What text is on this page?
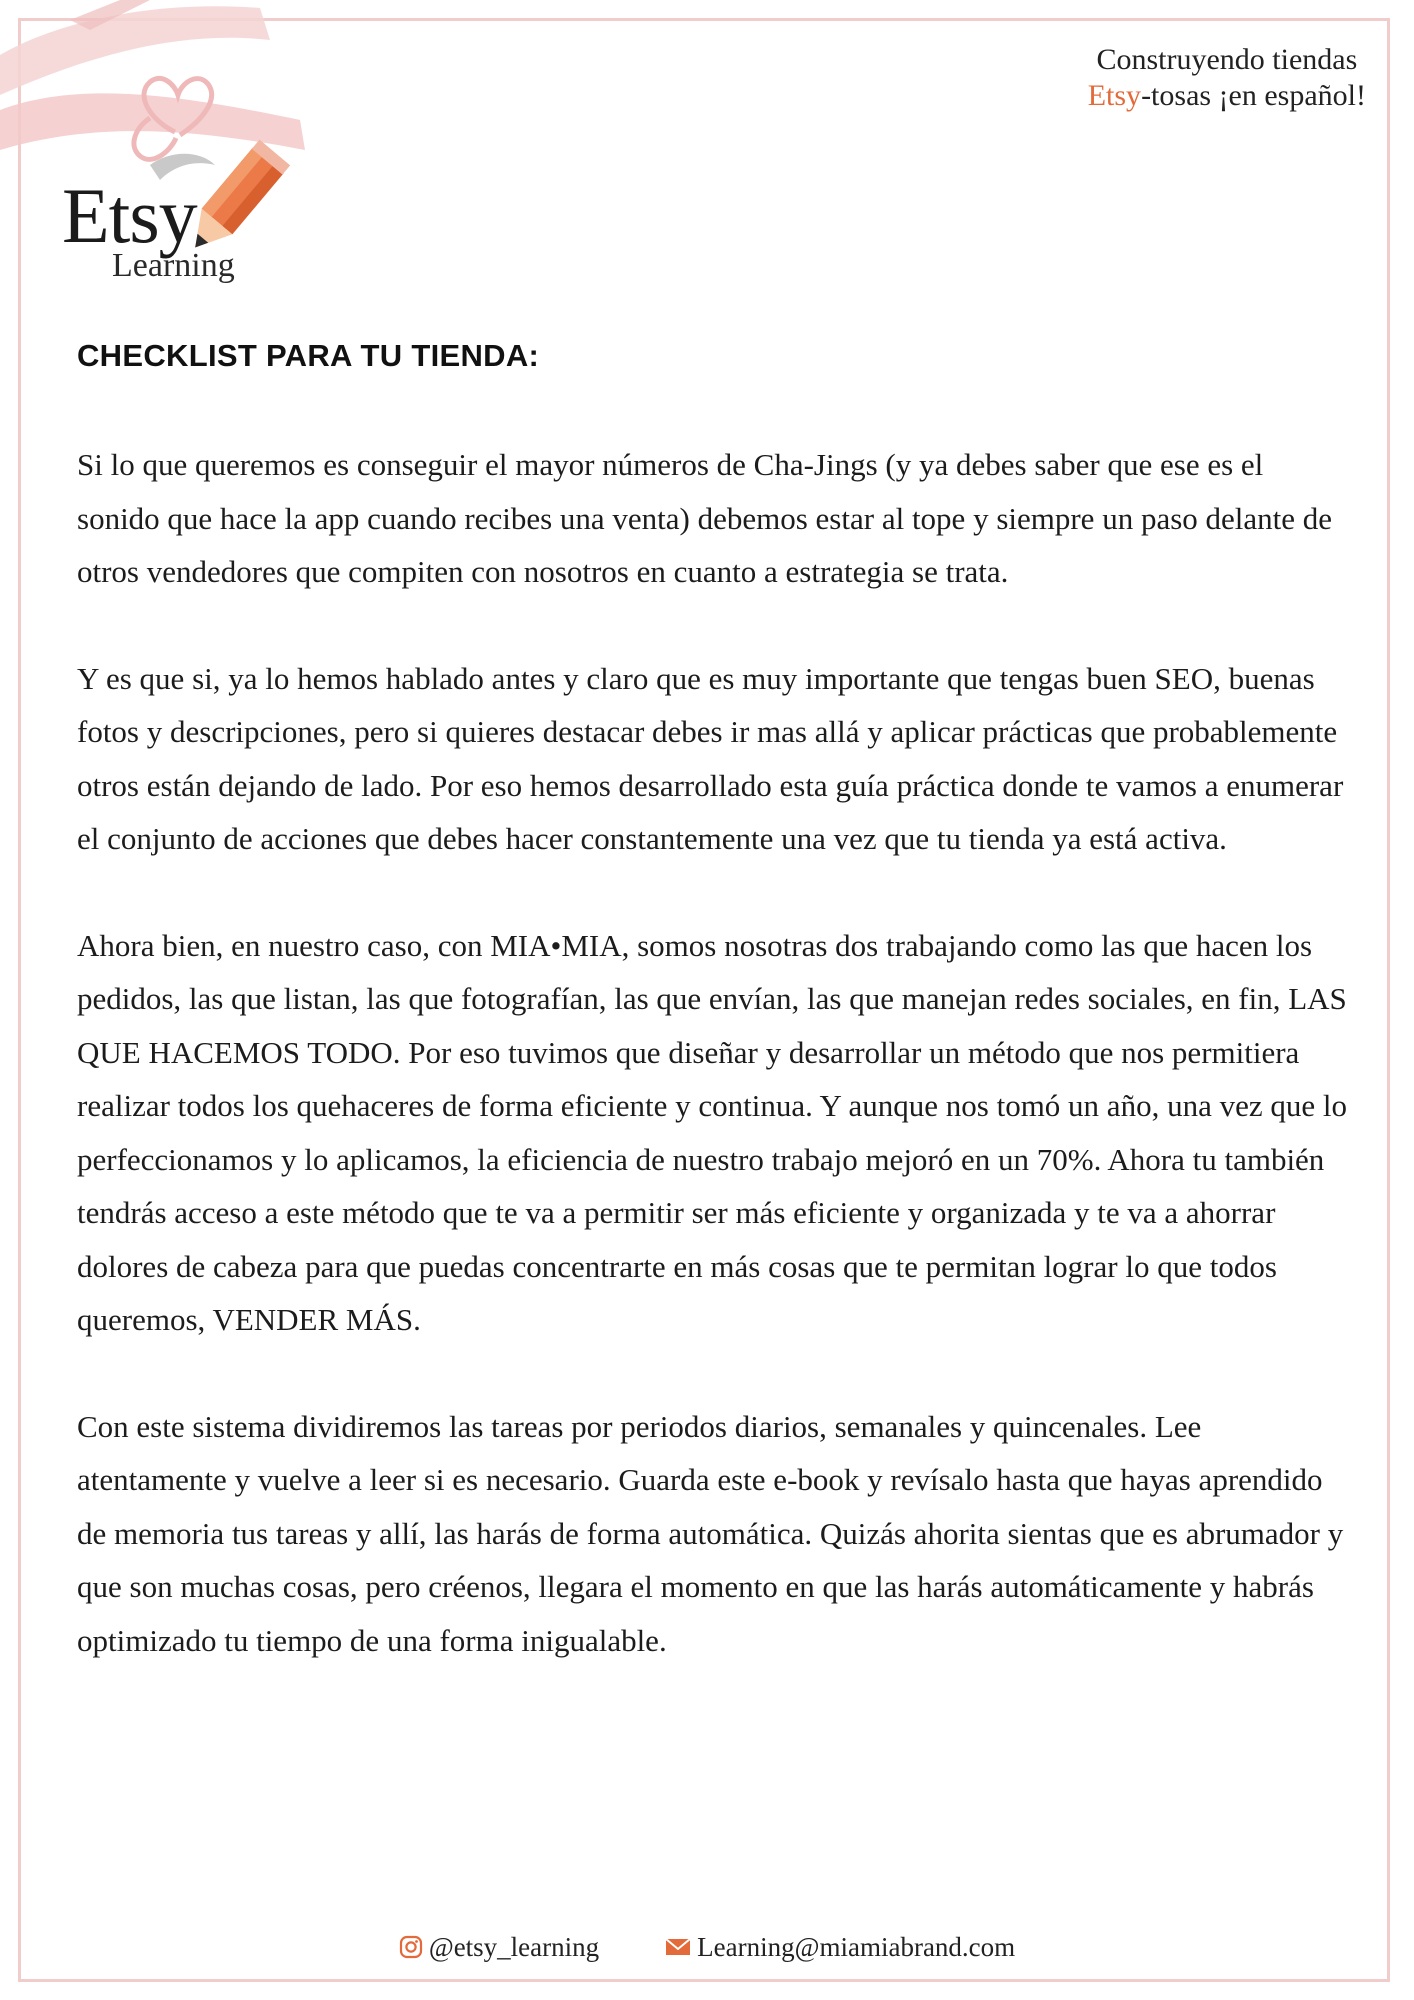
Etsy
Learning
Construyendo tiendas
Etsy-tosas ¡en español!
CHECKLIST PARA TU TIENDA:

Si lo que queremos es conseguir el mayor números de Cha-Jings (y ya debes saber que ese es el sonido que hace la app cuando recibes una venta) debemos estar al tope y siempre un paso delante de otros vendedores que compiten con nosotros en cuanto a estrategia se trata.

Y es que si, ya lo hemos hablado antes y claro que es muy importante que tengas buen SEO, buenas fotos y descripciones, pero si quieres destacar debes ir mas allá y aplicar prácticas que probablemente otros están dejando de lado. Por eso hemos desarrollado esta guía práctica donde te vamos a enumerar el conjunto de acciones que debes hacer constantemente una vez que tu tienda ya está activa.

Ahora bien, en nuestro caso, con MIA•MIA, somos nosotras dos trabajando como las que hacen los pedidos, las que listan, las que fotografían, las que envían, las que manejan redes sociales, en fin, LAS QUE HACEMOS TODO. Por eso tuvimos que diseñar y desarrollar un método que nos permitiera realizar todos los quehaceres de forma eficiente y continua. Y aunque nos tomó un año, una vez que lo perfeccionamos y lo aplicamos, la eficiencia de nuestro trabajo mejoró en un 70%. Ahora tu también tendrás acceso a este método que te va a permitir ser más eficiente y organizada y te va a ahorrar dolores de cabeza para que puedas concentrarte en más cosas que te permitan lograr lo que todos queremos, VENDER MÁS.

Con este sistema dividiremos las tareas por periodos diarios, semanales y quincenales. Lee atentamente y vuelve a leer si es necesario. Guarda este e-book y revísalo hasta que hayas aprendido de memoria tus tareas y allí, las harás de forma automática. Quizás ahorita sientas que es abrumador y que son muchas cosas, pero créenos, llegara el momento en que las harás automáticamente y habrás optimizado tu tiempo de una forma inigualable.

@etsy_learning	Learning@miamiabrand.com
